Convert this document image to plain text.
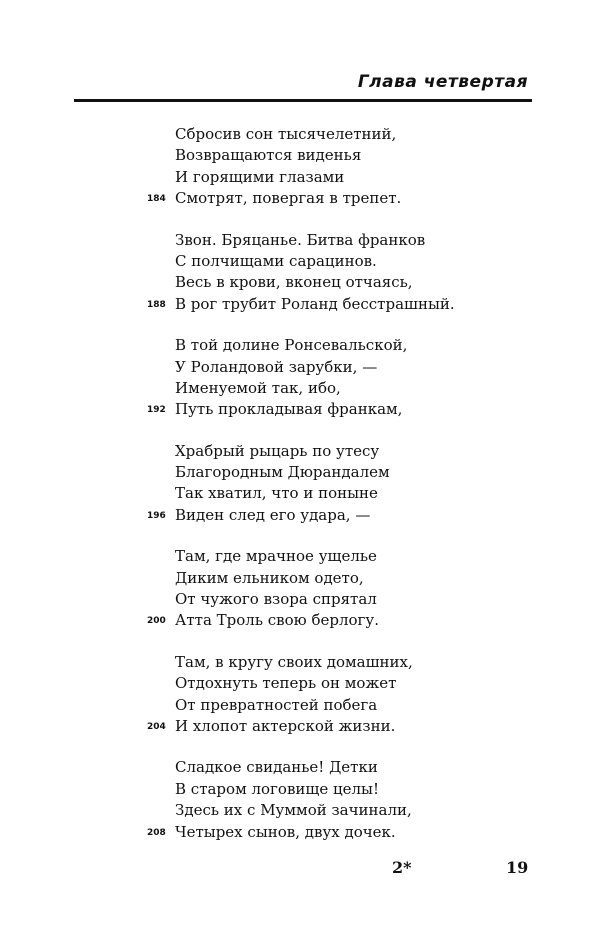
Глава четвертая
Сбросив сон тысячелетний,
Возвращаются виденья
И горящими глазами
184 Смотрят, повергая в трепет.
Звон. Бряцанье. Битва франков
С полчищами сарацинов.
Весь в крови, вконец отчаясь,
188 В рог трубит Роланд бесстрашный.
В той долине Ронсевальской,
У Роландовой зарубки, —
Именуемой так, ибо,
192 Путь прокладывая франкам,
Храбрый рыцарь по утесу
Благородным Дюрандалем
Так хватил, что и поныне
196 Виден след его удара, —
Там, где мрачное ущелье
Диким ельником одето,
От чужого взора спрятал
200 Атта Троль свою берлогу.
Там, в кругу своих домашних,
Отдохнуть теперь он может
От превратностей побега
204 И хлопот актерской жизни.
Сладкое свиданье! Детки
В старом логовище целы!
Здесь их с Муммой зачинали,
208 Четырех сынов, двух дочек.
2*	19
